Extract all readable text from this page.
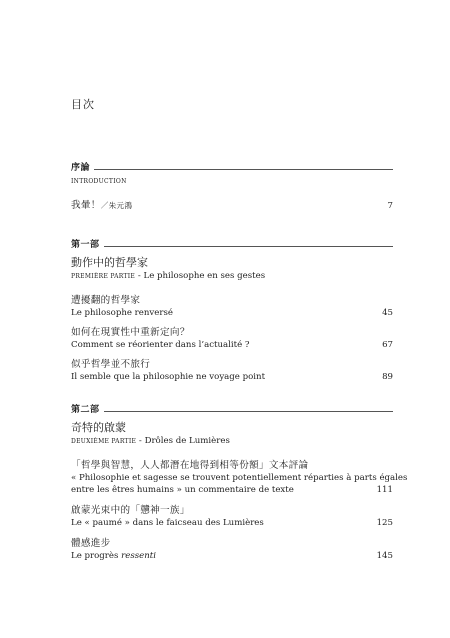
目次
序論
INTRODUCTION
我暈！／朱元鴻	7
第一部
動作中的哲學家
PREMIÈRE PARTIE - Le philosophe en ses gestes
遭擾翻的哲學家
Le philosophe renversé	45
如何在現實性中重新定向？
Comment se réorienter dans l’actualité ?	67
似乎哲學並不旅行
Il semble que la philosophie ne voyage point	89
第二部
奇特的啟蒙
DEUXIÈME PARTIE - Drôles de Lumières
「哲學與智慧，人人都潛在地得到相等份額」文本評論
« Philosophie et sagesse se trouvent potentiellement réparties à parts égales
entre les êtres humains » un commentaire de texte	111
啟蒙光束中的「戇神一族」
Le « paumé » dans le faicseau des Lumières	125
體感進步
Le progrès ressenti	145
